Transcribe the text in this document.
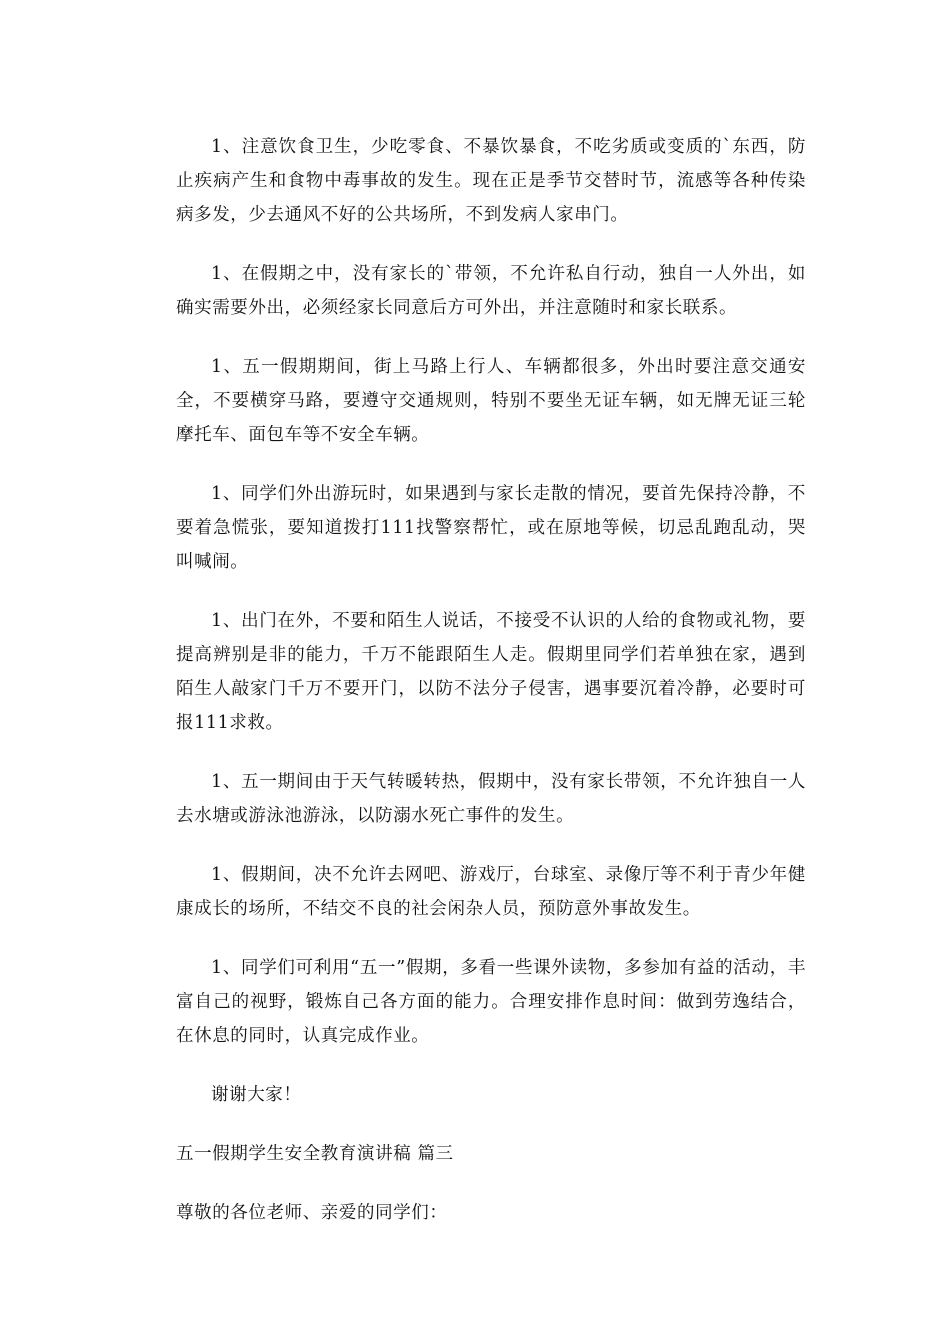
1、注意饮食卫生，少吃零食、不暴饮暴食，不吃劣质或变质的`东西，防止疾病产生和食物中毒事故的发生。现在正是季节交替时节，流感等各种传染病多发，少去通风不好的公共场所，不到发病人家串门。

1、在假期之中，没有家长的`带领，不允许私自行动，独自一人外出，如确实需要外出，必须经家长同意后方可外出，并注意随时和家长联系。

1、五一假期期间，街上马路上行人、车辆都很多，外出时要注意交通安全，不要横穿马路，要遵守交通规则，特别不要坐无证车辆，如无牌无证三轮摩托车、面包车等不安全车辆。

1、同学们外出游玩时，如果遇到与家长走散的情况，要首先保持冷静，不要着急慌张，要知道拨打111找警察帮忙，或在原地等候，切忌乱跑乱动，哭叫喊闹。

1、出门在外，不要和陌生人说话，不接受不认识的人给的食物或礼物，要提高辨别是非的能力，千万不能跟陌生人走。假期里同学们若单独在家，遇到陌生人敲家门千万不要开门，以防不法分子侵害，遇事要沉着冷静，必要时可报111求救。

1、五一期间由于天气转暖转热，假期中，没有家长带领，不允许独自一人去水塘或游泳池游泳，以防溺水死亡事件的发生。

1、假期间，决不允许去网吧、游戏厅，台球室、录像厅等不利于青少年健康成长的场所，不结交不良的社会闲杂人员，预防意外事故发生。

1、同学们可利用“五一”假期，多看一些课外读物，多参加有益的活动，丰富自己的视野，锻炼自己各方面的能力。合理安排作息时间：做到劳逸结合，在休息的同时，认真完成作业。

谢谢大家！

五一假期学生安全教育演讲稿 篇三

尊敬的各位老师、亲爱的同学们：
